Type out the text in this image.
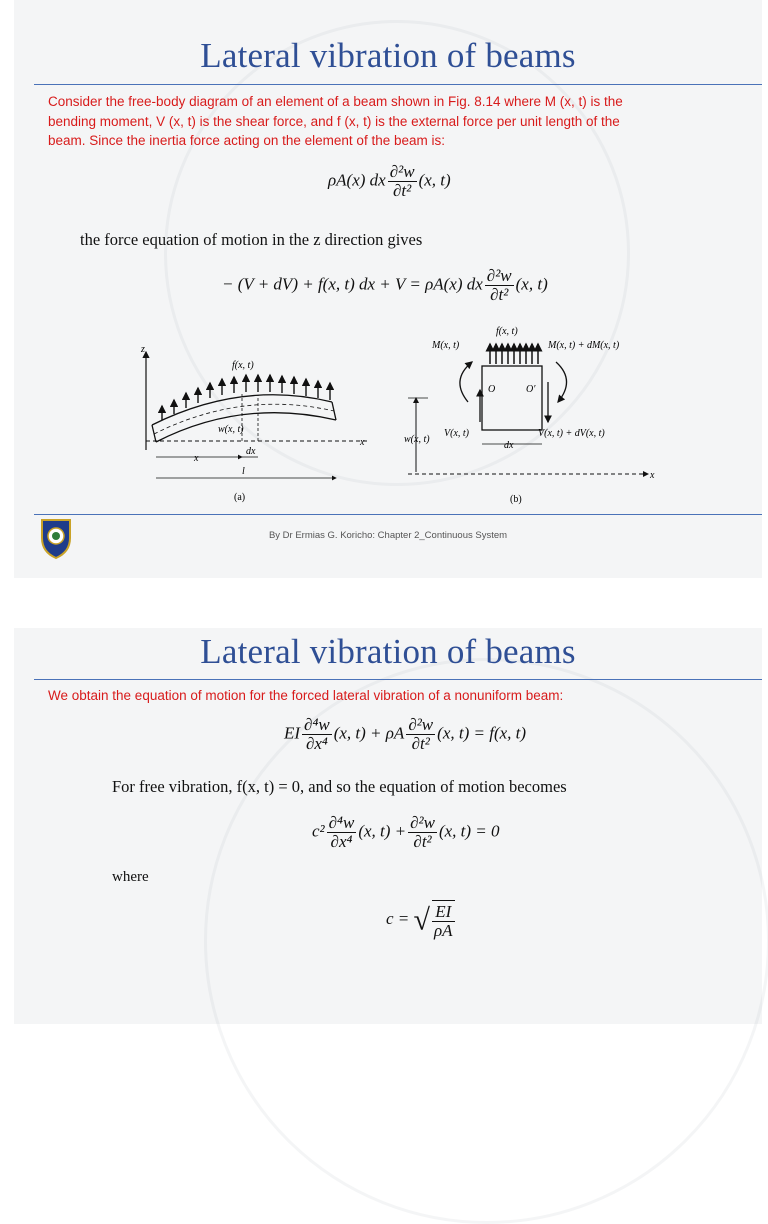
Lateral vibration of beams
Consider the free-body diagram of an element of a beam shown in Fig. 8.14 where M (x, t) is the
bending moment, V (x, t) is the shear force, and f (x, t) is the external force per unit length of the
beam. Since the inertia force acting on the element of the beam is:
ρA(x) dx $\frac{\text{∂²w}}{\text{∂t²}} (x$, t)
the force equation of motion in the z direction gives
− (V + dV) + f(x, t) dx + V = ρA(x) dx $\frac{\text{∂²w}}{\text{∂t²}} (x$, t)
z
x
f(x, t)
w(x, t)
x
dx
l
(a)
f(x, t)
M(x, t)	M(x, t) + dM(x, t)
O	O′
V(x, t)	V(x, t) + dV(x, t)
w(x, t)
dx
x
(b)
By Dr Ermias G. Koricho: Chapter 2_Continuous System
Lateral vibration of beams
We obtain the equation of motion for the forced lateral vibration of a nonuniform beam:
EI $\frac{\text{∂⁴w}}{\text{∂x⁴}} (x$, t) + ρA $\frac{\text{∂²w}}{\text{∂t²}} (x$, t) = f(x, t)
For free vibration, f(x, t) = 0, and so the equation of motion becomes
$c^2 \frac{\text{∂⁴w}}{\text{∂x⁴}} (x$, $t) + \frac{\text{∂²w}}{\text{∂t²}} (x$, t) = 0
where
c = √ $\frac{EI}{\rho A}$
